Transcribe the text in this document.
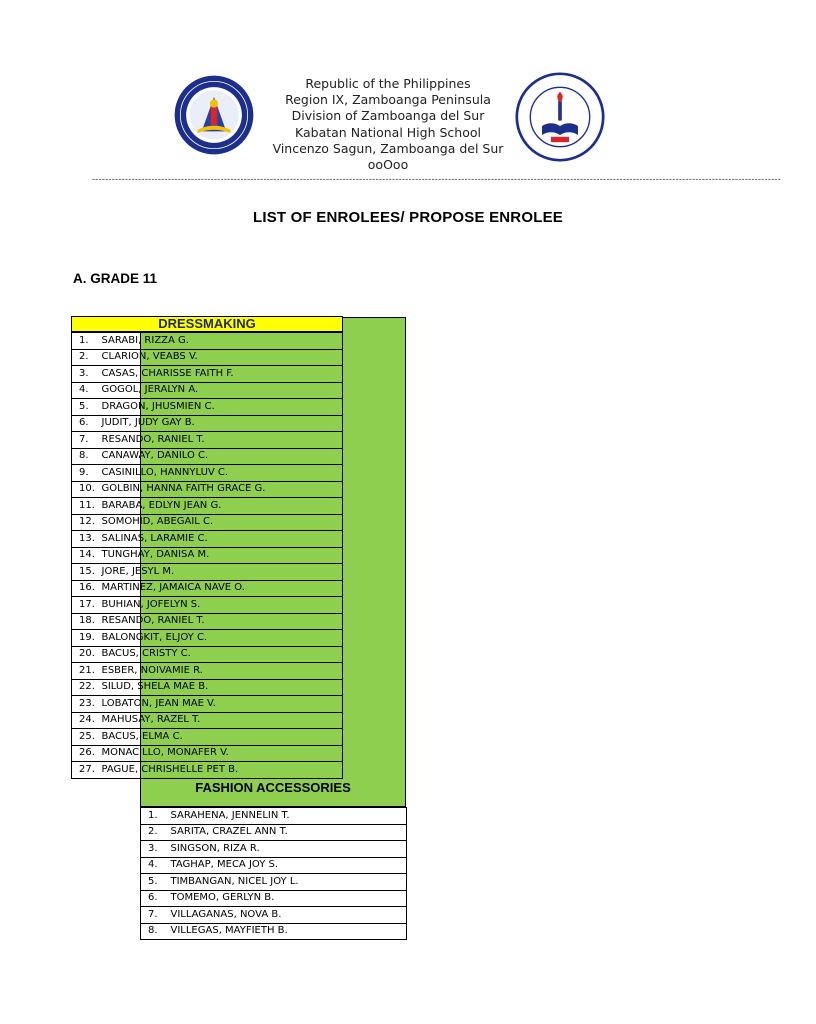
Republic of the Philippines
Region IX, Zamboanga Peninsula
Division of Zamboanga del Sur
Kabatan National High School
Vincenzo Sagun, Zamboanga del Sur
ooOoo
-----------------------------------------------------------------------------------------------------------------------------------------------------------------------------------------------------------------
LIST OF ENROLEES/ PROPOSE ENROLEE
A. GRADE 11
DRESSMAKING
1.	SARABI, RIZZA G.
2.	CLARION, VEABS V.
3.	CASAS, CHARISSE FAITH F.
4.	GOGOL, JERALYN A.
5.	DRAGON, JHUSMIEN C.
6.	JUDIT, JUDY GAY B.
7.	RESANDO, RANIEL T.
8.	CANAWAY, DANILO C.
9.	CASINILLO, HANNYLUV C.
10.	GOLBIN, HANNA FAITH GRACE G.
11.	BARABA, EDLYN JEAN G.
12.	SOMOHID, ABEGAIL C.
13.	SALINAS, LARAMIE C.
14.	TUNGHAY, DANISA M.
15.	JORE, JESYL M.
16.	MARTINEZ, JAMAICA NAVE O.
17.	BUHIAN, JOFELYN S.
18.	RESANDO, RANIEL T.
19.	BALONGKIT, ELJOY C.
20.	BACUS, CRISTY C.
21.	ESBER, NOIVAMIE R.
22.	SILUD, SHELA MAE B.
23.	LOBATON, JEAN MAE V.
24.	MAHUSAY, RAZEL T.
25.	BACUS, ELMA C.
26.	MONACILLO, MONAFER V.
27.	PAGUE, CHRISHELLE PET B.
FASHION ACCESSORIES
1.	SARAHENA, JENNELIN T.
2.	SARITA, CRAZEL ANN T.
3.	SINGSON, RIZA R.
4.	TAGHAP, MECA JOY S.
5.	TIMBANGAN, NICEL JOY L.
6.	TOMEMO, GERLYN B.
7.	VILLAGANAS, NOVA B.
8.	VILLEGAS, MAYFIETH B.
